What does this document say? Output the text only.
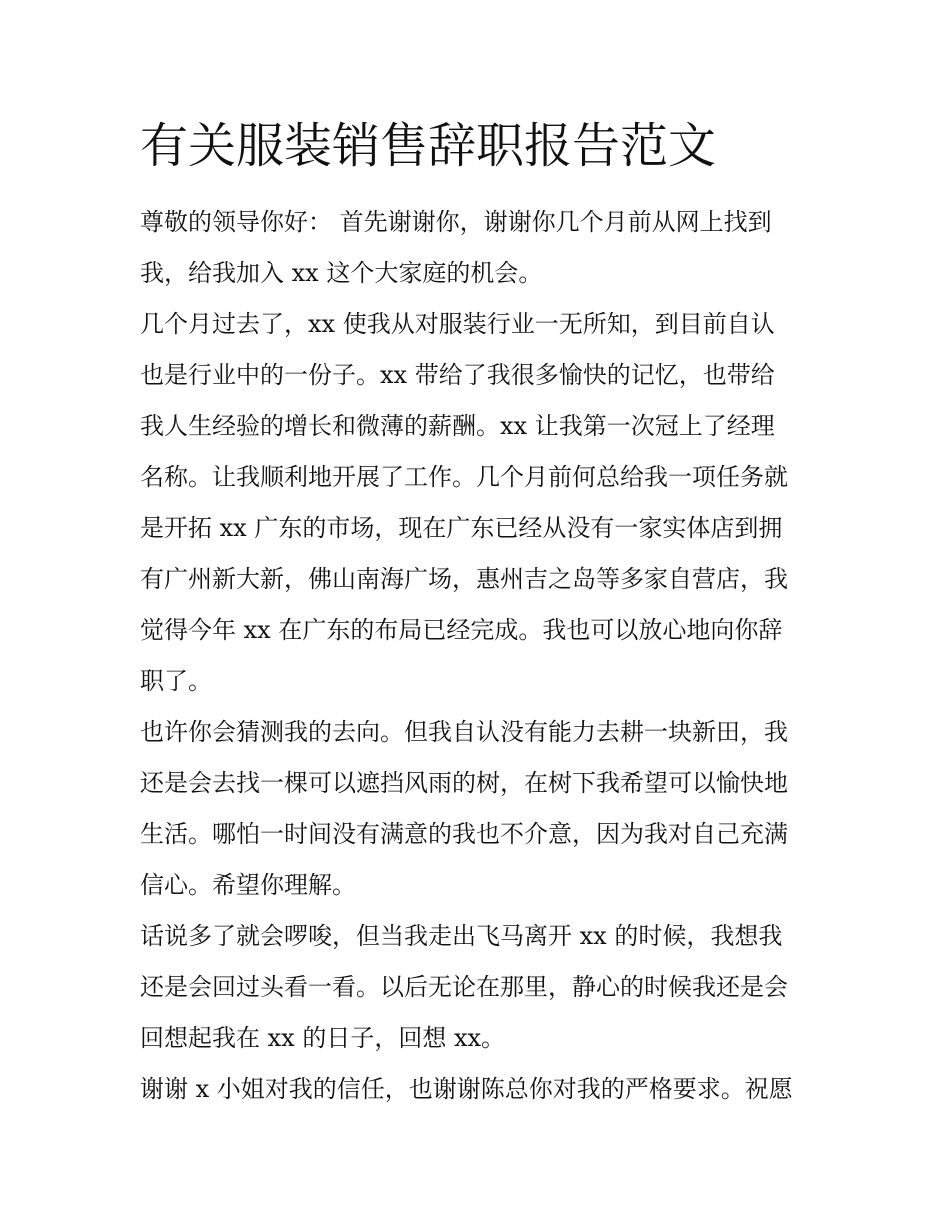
有关服装销售辞职报告范文

尊敬的领导你好： 首先谢谢你，谢谢你几个月前从网上找到

我，给我加入 xx 这个大家庭的机会。

几个月过去了，xx 使我从对服装行业一无所知，到目前自认

也是行业中的一份子。xx 带给了我很多愉快的记忆，也带给

我人生经验的增长和微薄的薪酬。xx 让我第一次冠上了经理

名称。让我顺利地开展了工作。几个月前何总给我一项任务就

是开拓 xx 广东的市场，现在广东已经从没有一家实体店到拥

有广州新大新，佛山南海广场，惠州吉之岛等多家自营店，我

觉得今年 xx 在广东的布局已经完成。我也可以放心地向你辞

职了。

也许你会猜测我的去向。但我自认没有能力去耕一块新田，我

还是会去找一棵可以遮挡风雨的树，在树下我希望可以愉快地

生活。哪怕一时间没有满意的我也不介意，因为我对自己充满

信心。希望你理解。

话说多了就会啰唆，但当我走出飞马离开 xx 的时候，我想我

还是会回过头看一看。以后无论在那里，静心的时候我还是会

回想起我在 xx 的日子，回想 xx。

谢谢 x 小姐对我的信任，也谢谢陈总你对我的严格要求。祝愿
